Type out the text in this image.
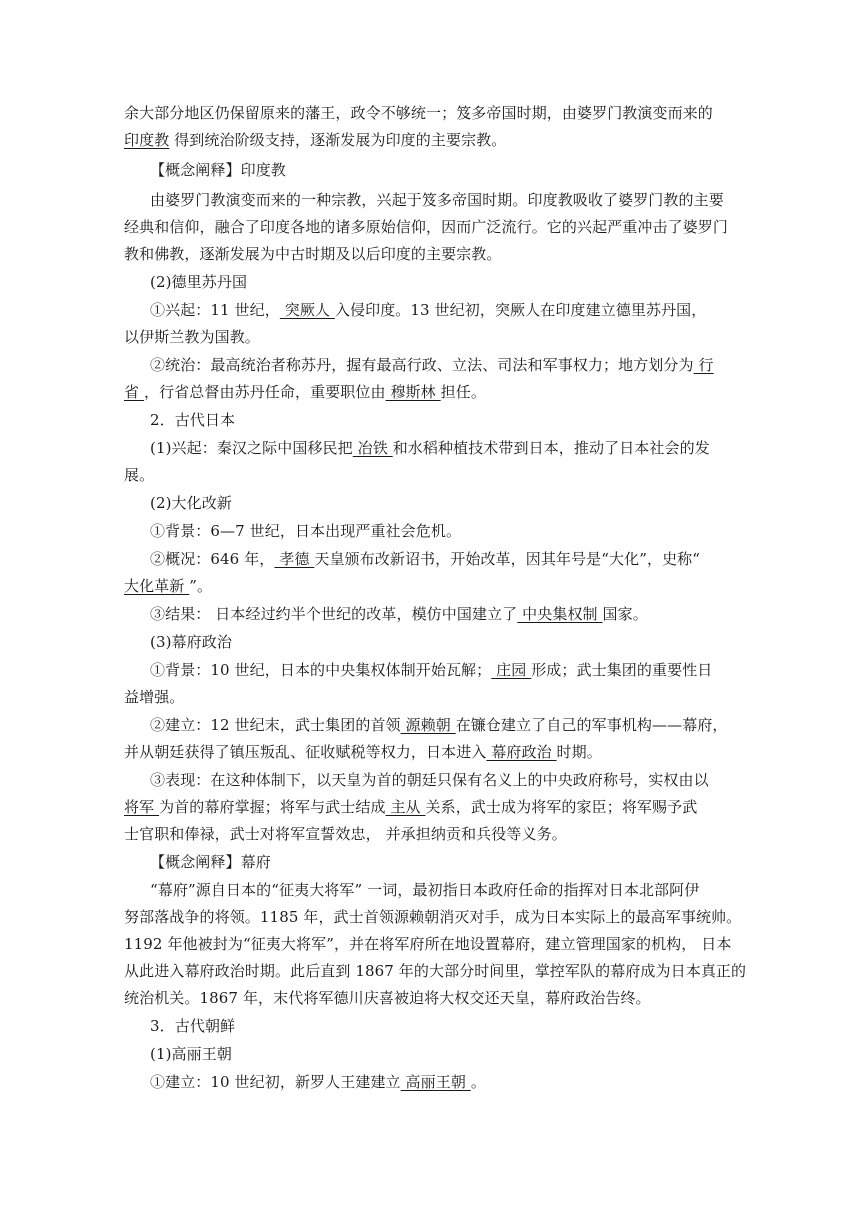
余大部分地区仍保留原来的藩王，政令不够统一；笈多帝国时期，由婆罗门教演变而来的
印度教 得到统治阶级支持，逐渐发展为印度的主要宗教。
【概念阐释】印度教
由婆罗门教演变而来的一种宗教，兴起于笈多帝国时期。印度教吸收了婆罗门教的主要
经典和信仰，融合了印度各地的诸多原始信仰，因而广泛流行。它的兴起严重冲击了婆罗门
教和佛教，逐渐发展为中古时期及以后印度的主要宗教。
(2)德里苏丹国
①兴起：11 世纪， 突厥人 入侵印度。13 世纪初，突厥人在印度建立德里苏丹国，
以伊斯兰教为国教。
②统治：最高统治者称苏丹，握有最高行政、立法、司法和军事权力；地方划分为 行
省 ，行省总督由苏丹任命，重要职位由 穆斯林 担任。
2．古代日本
(1)兴起：秦汉之际中国移民把 冶铁 和水稻种植技术带到日本，推动了日本社会的发
展。
(2)大化改新
①背景：6—7 世纪，日本出现严重社会危机。
②概况：646 年， 孝德 天皇颁布改新诏书，开始改革，因其年号是“大化”，史称“
大化革新 ”。
③结果： 日本经过约半个世纪的改革，模仿中国建立了 中央集权制 国家。
(3)幕府政治
①背景：10 世纪，日本的中央集权体制开始瓦解； 庄园 形成；武士集团的重要性日
益增强。
②建立：12 世纪末，武士集团的首领 源赖朝 在镰仓建立了自己的军事机构——幕府，
并从朝廷获得了镇压叛乱、征收赋税等权力，日本进入 幕府政治 时期。
③表现：在这种体制下，以天皇为首的朝廷只保有名义上的中央政府称号，实权由以
将军 为首的幕府掌握；将军与武士结成 主从 关系，武士成为将军的家臣；将军赐予武
士官职和俸禄，武士对将军宣誓效忠， 并承担纳贡和兵役等义务。
【概念阐释】幕府
“幕府”源自日本的“征夷大将军” 一词，最初指日本政府任命的指挥对日本北部阿伊
努部落战争的将领。1185 年，武士首领源赖朝消灭对手，成为日本实际上的最高军事统帅。
1192 年他被封为“征夷大将军”，并在将军府所在地设置幕府，建立管理国家的机构， 日本
从此进入幕府政治时期。此后直到 1867 年的大部分时间里，掌控军队的幕府成为日本真正的
统治机关。1867 年，末代将军德川庆喜被迫将大权交还天皇，幕府政治告终。
3．古代朝鲜
(1)高丽王朝
①建立：10 世纪初，新罗人王建建立 高丽王朝 。
